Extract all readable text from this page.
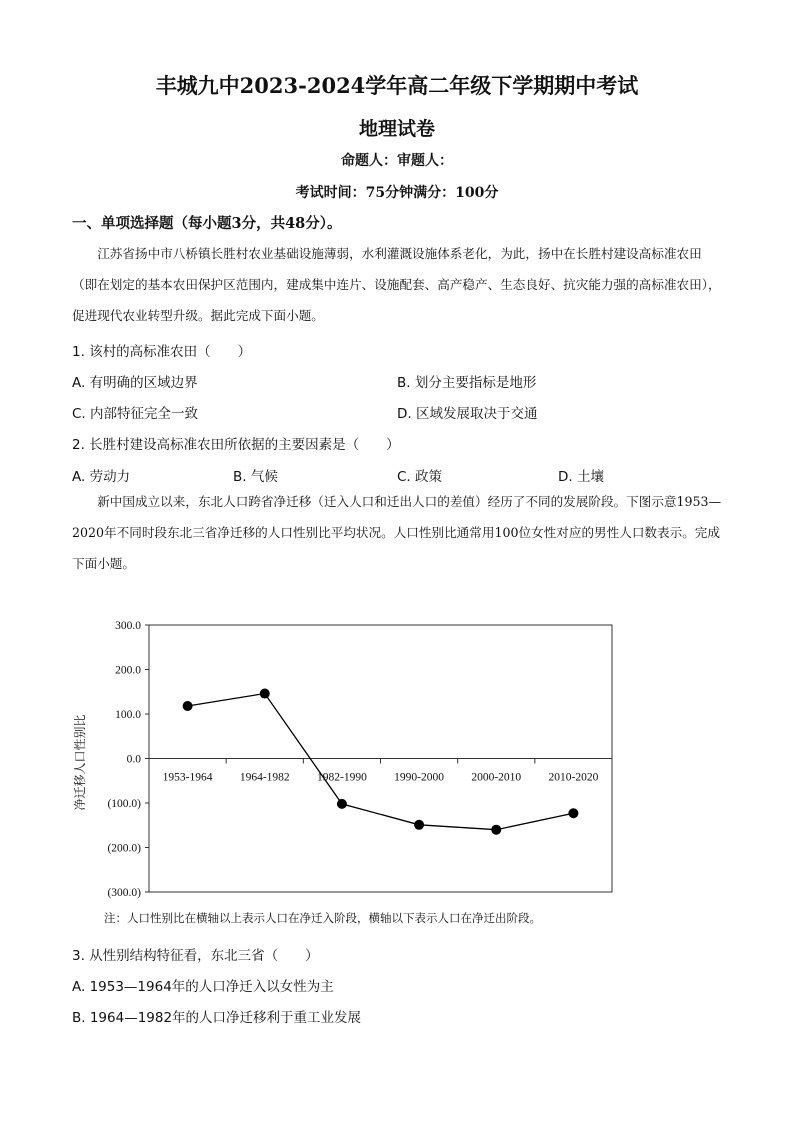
丰城九中2023-2024学年高二年级下学期期中考试
地理试卷
命题人：审题人：
考试时间：75分钟满分：100分
一、单项选择题（每小题3分，共48分）。
江苏省扬中市八桥镇长胜村农业基础设施薄弱，水利灌溉设施体系老化，为此，扬中在长胜村建设高标准农田（即在划定的基本农田保护区范围内，建成集中连片、设施配套、高产稳产、生态良好、抗灾能力强的高标准农田），促进现代农业转型升级。据此完成下面小题。
1. 该村的高标准农田（　　）
A. 有明确的区域边界	B. 划分主要指标是地形
C. 内部特征完全一致	D. 区域发展取决于交通
2. 长胜村建设高标准农田所依据的主要因素是（　　）
A. 劳动力	B. 气候	C. 政策	D. 土壤
新中国成立以来，东北人口跨省净迁移（迁入人口和迁出人口的差值）经历了不同的发展阶段。下图示意1953—2020年不同时段东北三省净迁移的人口性别比平均状况。人口性别比通常用100位女性对应的男性人口数表示。完成下面小题。
300.0
200.0
100.0
0.0
(100.0)
(200.0)
(300.0)
1953-1964 1964-1982 1982-1990 1990-2000 2000-2010 2010-2020
净迁移人口性别比
注：人口性别比在横轴以上表示人口在净迁入阶段，横轴以下表示人口在净迁出阶段。
3. 从性别结构特征看，东北三省（　　）
A. 1953—1964年的人口净迁入以女性为主
B. 1964—1982年的人口净迁移利于重工业发展
